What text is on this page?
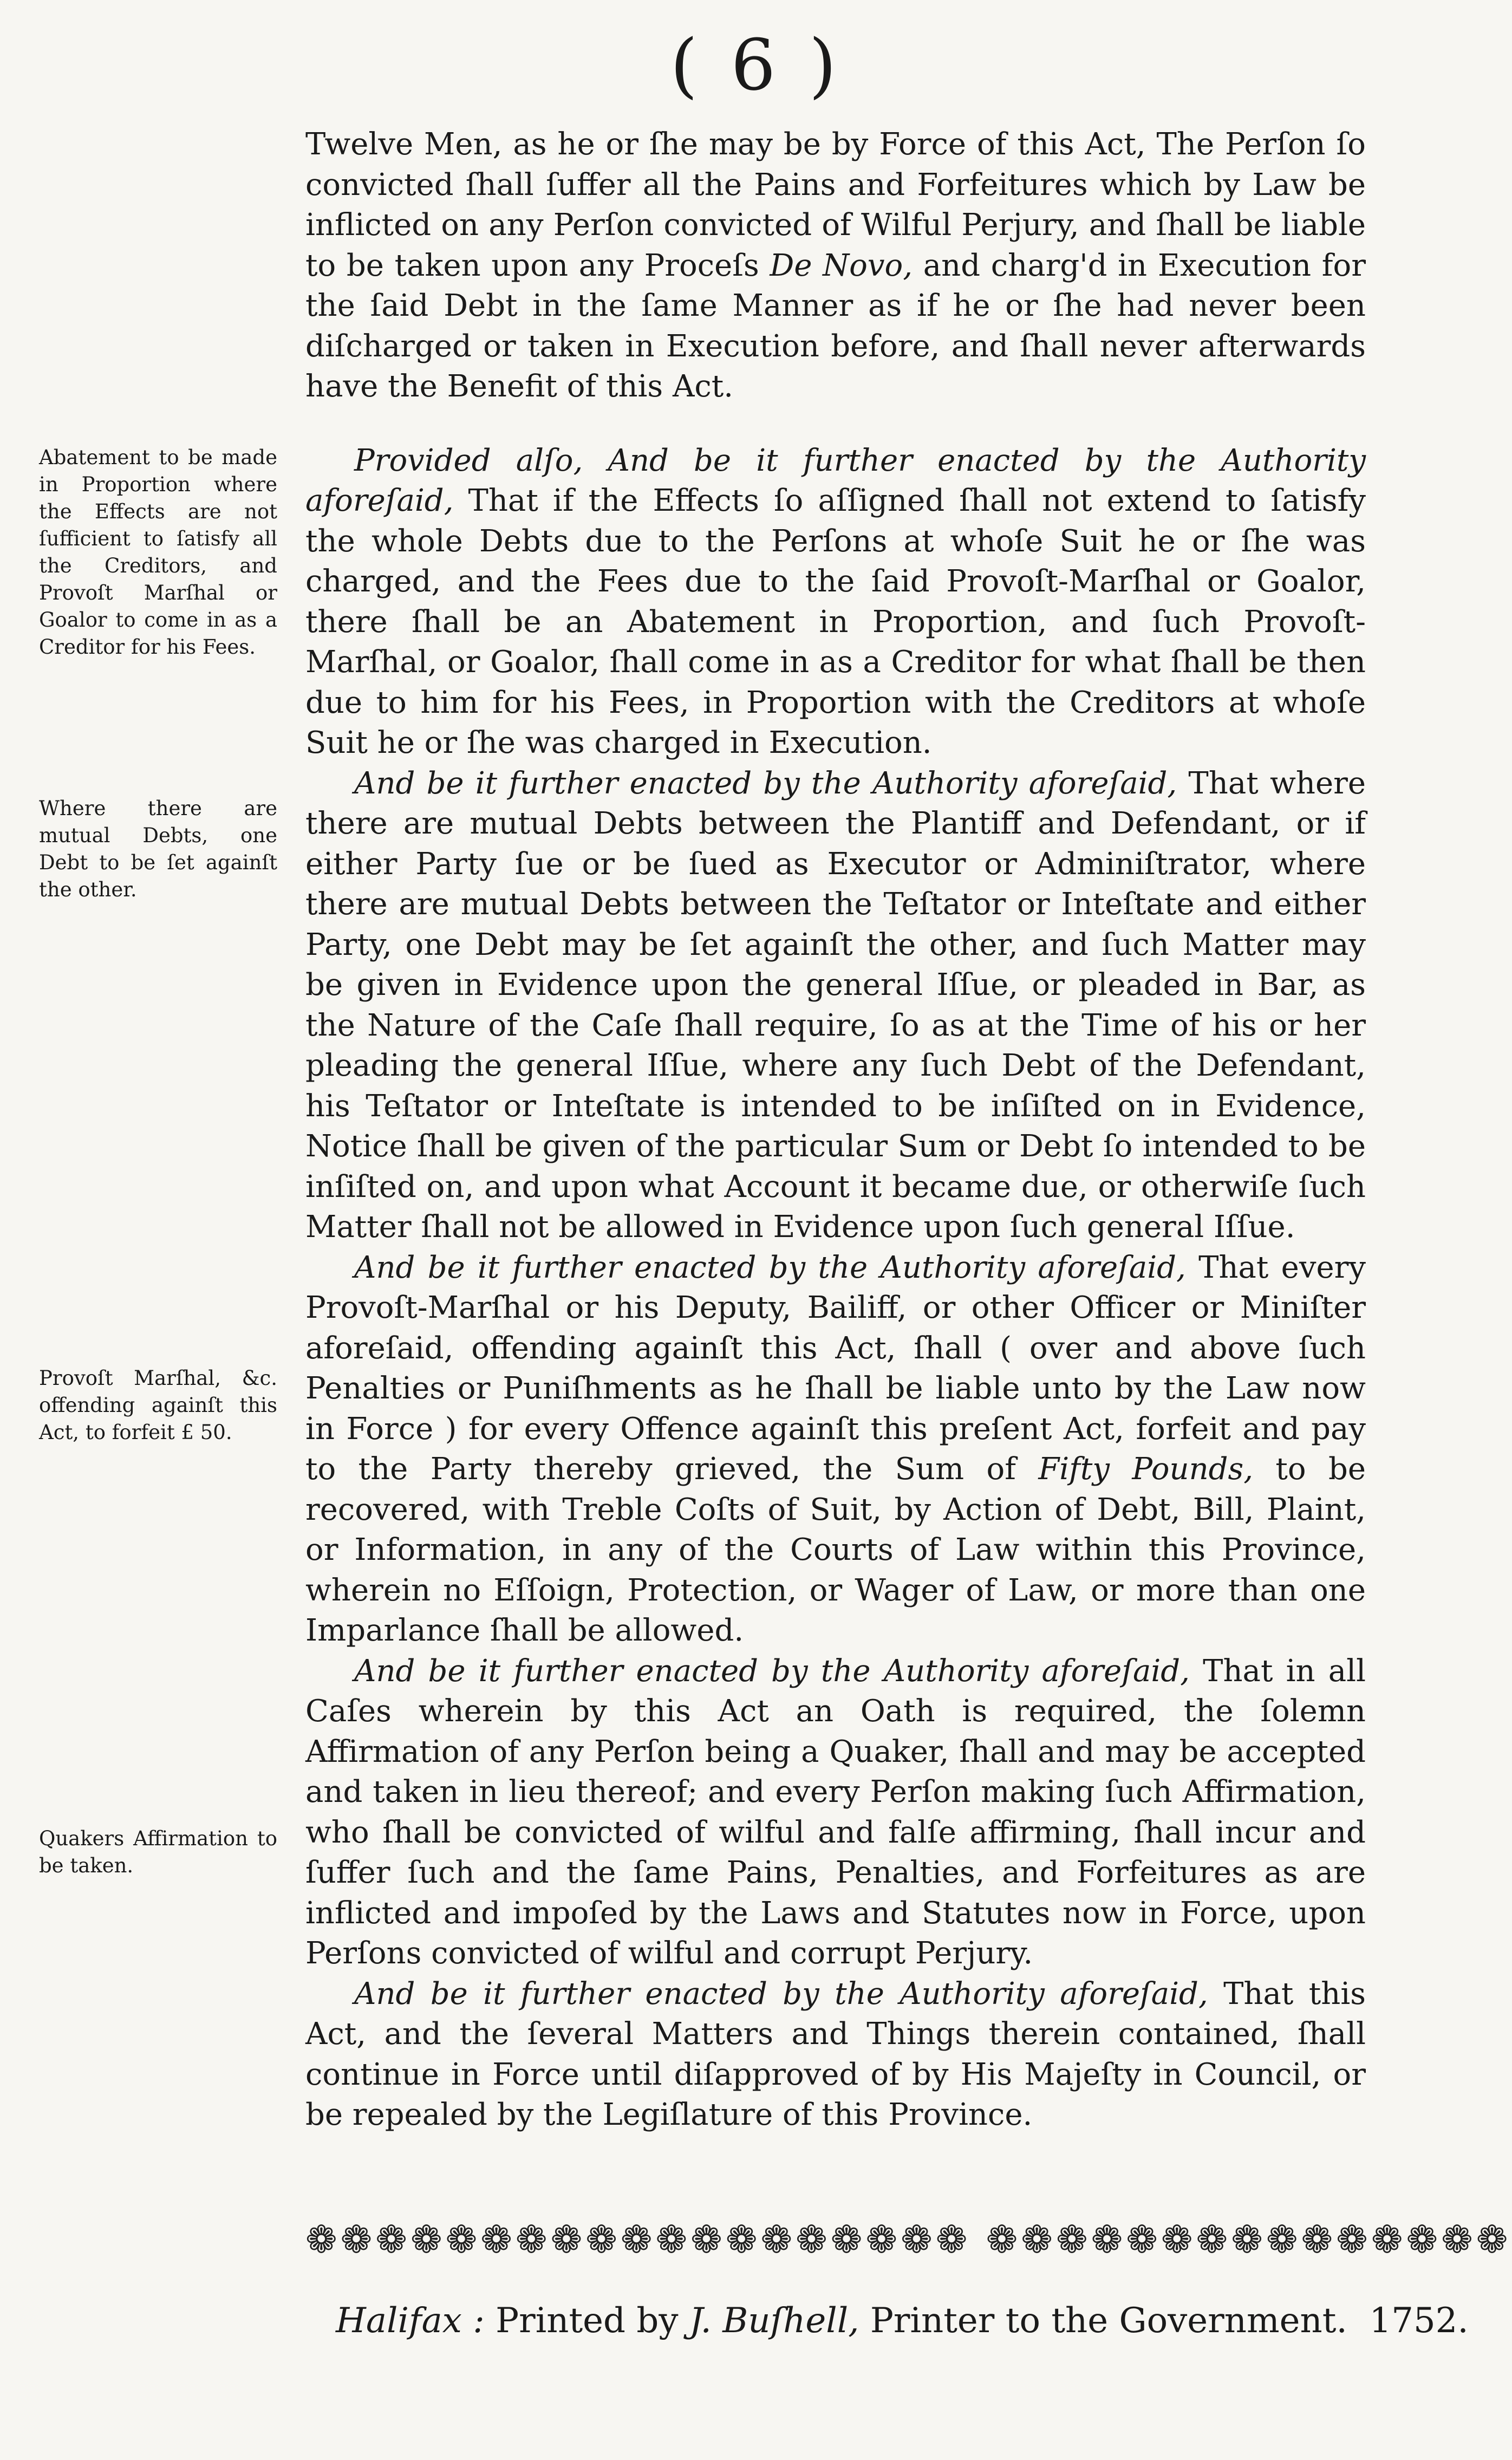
( 6 )

Twelve Men, as he or ſhe may be by Force of this Act, The Perſon ſo convicted ſhall ſuffer all the Pains and Forfeitures which by Law be inflicted on any Perſon convicted of Wilful Perjury, and ſhall be liable to be taken upon any Proceſs De Novo, and charg'd in Execution for the ſaid Debt in the ſame Manner as if he or ſhe had never been diſcharged or taken in Execution before, and ſhall never afterwards have the Benefit of this Act.

Provided alſo, And be it further enacted by the Authority aforeſaid, That if the Effects ſo aſſigned ſhall not extend to ſatisfy the whole Debts due to the Perſons at whoſe Suit he or ſhe was charged, and the Fees due to the ſaid Provoſt-Marſhal or Goalor, there ſhall be an Abatement in Proportion, and ſuch Provoſt-Marſhal, or Goalor, ſhall come in as a Creditor for what ſhall be then due to him for his Fees, in Proportion with the Creditors at whoſe Suit he or ſhe was charged in Execution.

And be it further enacted by the Authority aforeſaid, That where there are mutual Debts between the Plantiff and Defendant, or if either Party ſue or be ſued as Executor or Adminiſtrator, where there are mutual Debts between the Teſtator or Inteſtate and either Party, one Debt may be ſet againſt the other, and ſuch Matter may be given in Evidence upon the general Iſſue, or pleaded in Bar, as the Nature of the Caſe ſhall require, ſo as at the Time of his or her pleading the general Iſſue, where any ſuch Debt of the Defendant, his Teſtator or Inteſtate is intended to be inſiſted on in Evidence, Notice ſhall be given of the particular Sum or Debt ſo intended to be inſiſted on, and upon what Account it became due, or otherwiſe ſuch Matter ſhall not be allowed in Evidence upon ſuch general Iſſue.

And be it further enacted by the Authority aforeſaid, That every Provoſt-Marſhal or his Deputy, Bailiff, or other Officer or Miniſter aforeſaid, offending againſt this Act, ſhall ( over and above ſuch Penalties or Puniſhments as he ſhall be liable unto by the Law now in Force ) for every Offence againſt this preſent Act, forfeit and pay to the Party thereby grieved, the Sum of Fifty Pounds, to be recovered, with Treble Coſts of Suit, by Action of Debt, Bill, Plaint, or Information, in any of the Courts of Law within this Province, wherein no Eſſoign, Protection, or Wager of Law, or more than one Imparlance ſhall be allowed.

And be it further enacted by the Authority aforeſaid, That in all Caſes wherein by this Act an Oath is required, the ſolemn Affirmation of any Perſon being a Quaker, ſhall and may be accepted and taken in lieu thereof; and every Perſon making ſuch Affirmation, who ſhall be convicted of wilful and falſe affirming, ſhall incur and ſuffer ſuch and the ſame Pains, Penalties, and Forfeitures as are inflicted and impoſed by the Laws and Statutes now in Force, upon Perſons convicted of wilful and corrupt Perjury.

And be it further enacted by the Authority aforeſaid, That this Act, and the ſeveral Matters and Things therein contained, ſhall continue in Force until diſapproved of by His Majeſty in Council, or be repealed by the Legiſlature of this Province.

Abatement to be made in Proportion where the Effects are not ſufficient to ſatisfy all the Creditors, and Provoſt Marſhal or Goalor to come in as a Creditor for his Fees.
Where there are mutual Debts, one Debt to be ſet againſt the other.
Provoſt Marſhal, &c. offending againſt this Act, to forfeit £ 50.
Quakers Affirmation to be taken.
❁❁❁❁❁❁❁❁❁❁❁❁❁❁❁❁❁❁❁ ❁❁❁❁❁❁❁❁❁❁❁❁❁❁❁
Halifax : Printed by J. Buſhell, Printer to the Government. 1752.
